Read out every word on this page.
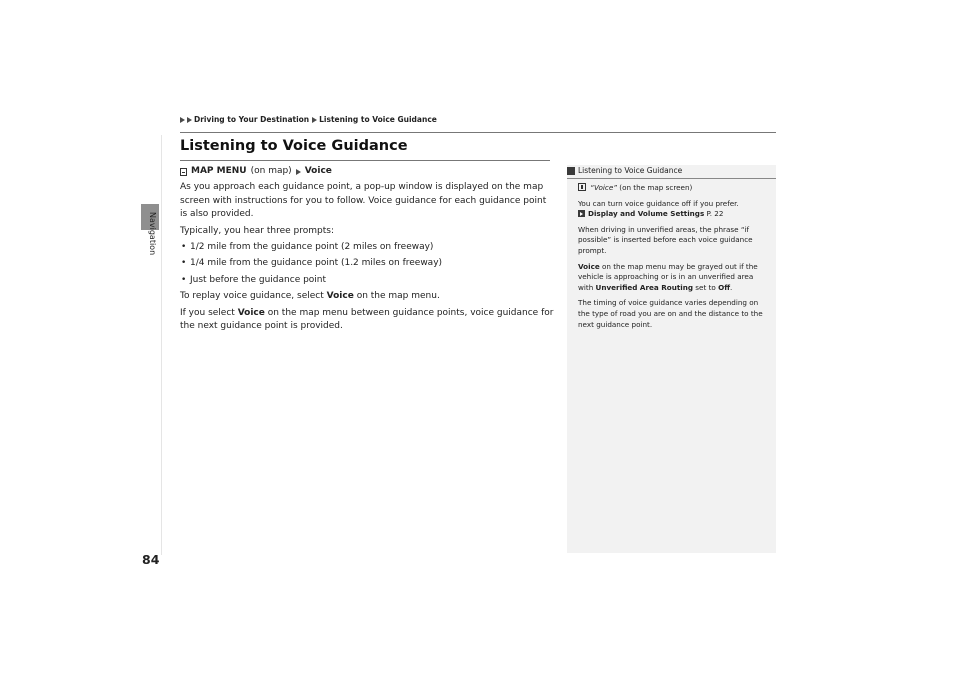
Navigation
Driving to Your Destination Listening to Voice Guidance
Listening to Voice Guidance

MAP MENU (on map) Voice

As you approach each guidance point, a pop-up window is displayed on the map screen with instructions for you to follow. Voice guidance for each guidance point is also provided.

Typically, you hear three prompts:

• 1/2 mile from the guidance point (2 miles on freeway)
• 1/4 mile from the guidance point (1.2 miles on freeway)
• Just before the guidance point

To replay voice guidance, select Voice on the map menu.

If you select Voice on the map menu between guidance points, voice guidance for the next guidance point is provided.

Listening to Voice Guidance

“Voice” (on the map screen)

You can turn voice guidance off if you prefer.
Display and Volume Settings P. 22

When driving in unverified areas, the phrase “if possible” is inserted before each voice guidance prompt.

Voice on the map menu may be grayed out if the vehicle is approaching or is in an unverified area with Unverified Area Routing set to Off.

The timing of voice guidance varies depending on the type of road you are on and the distance to the next guidance point.

84
